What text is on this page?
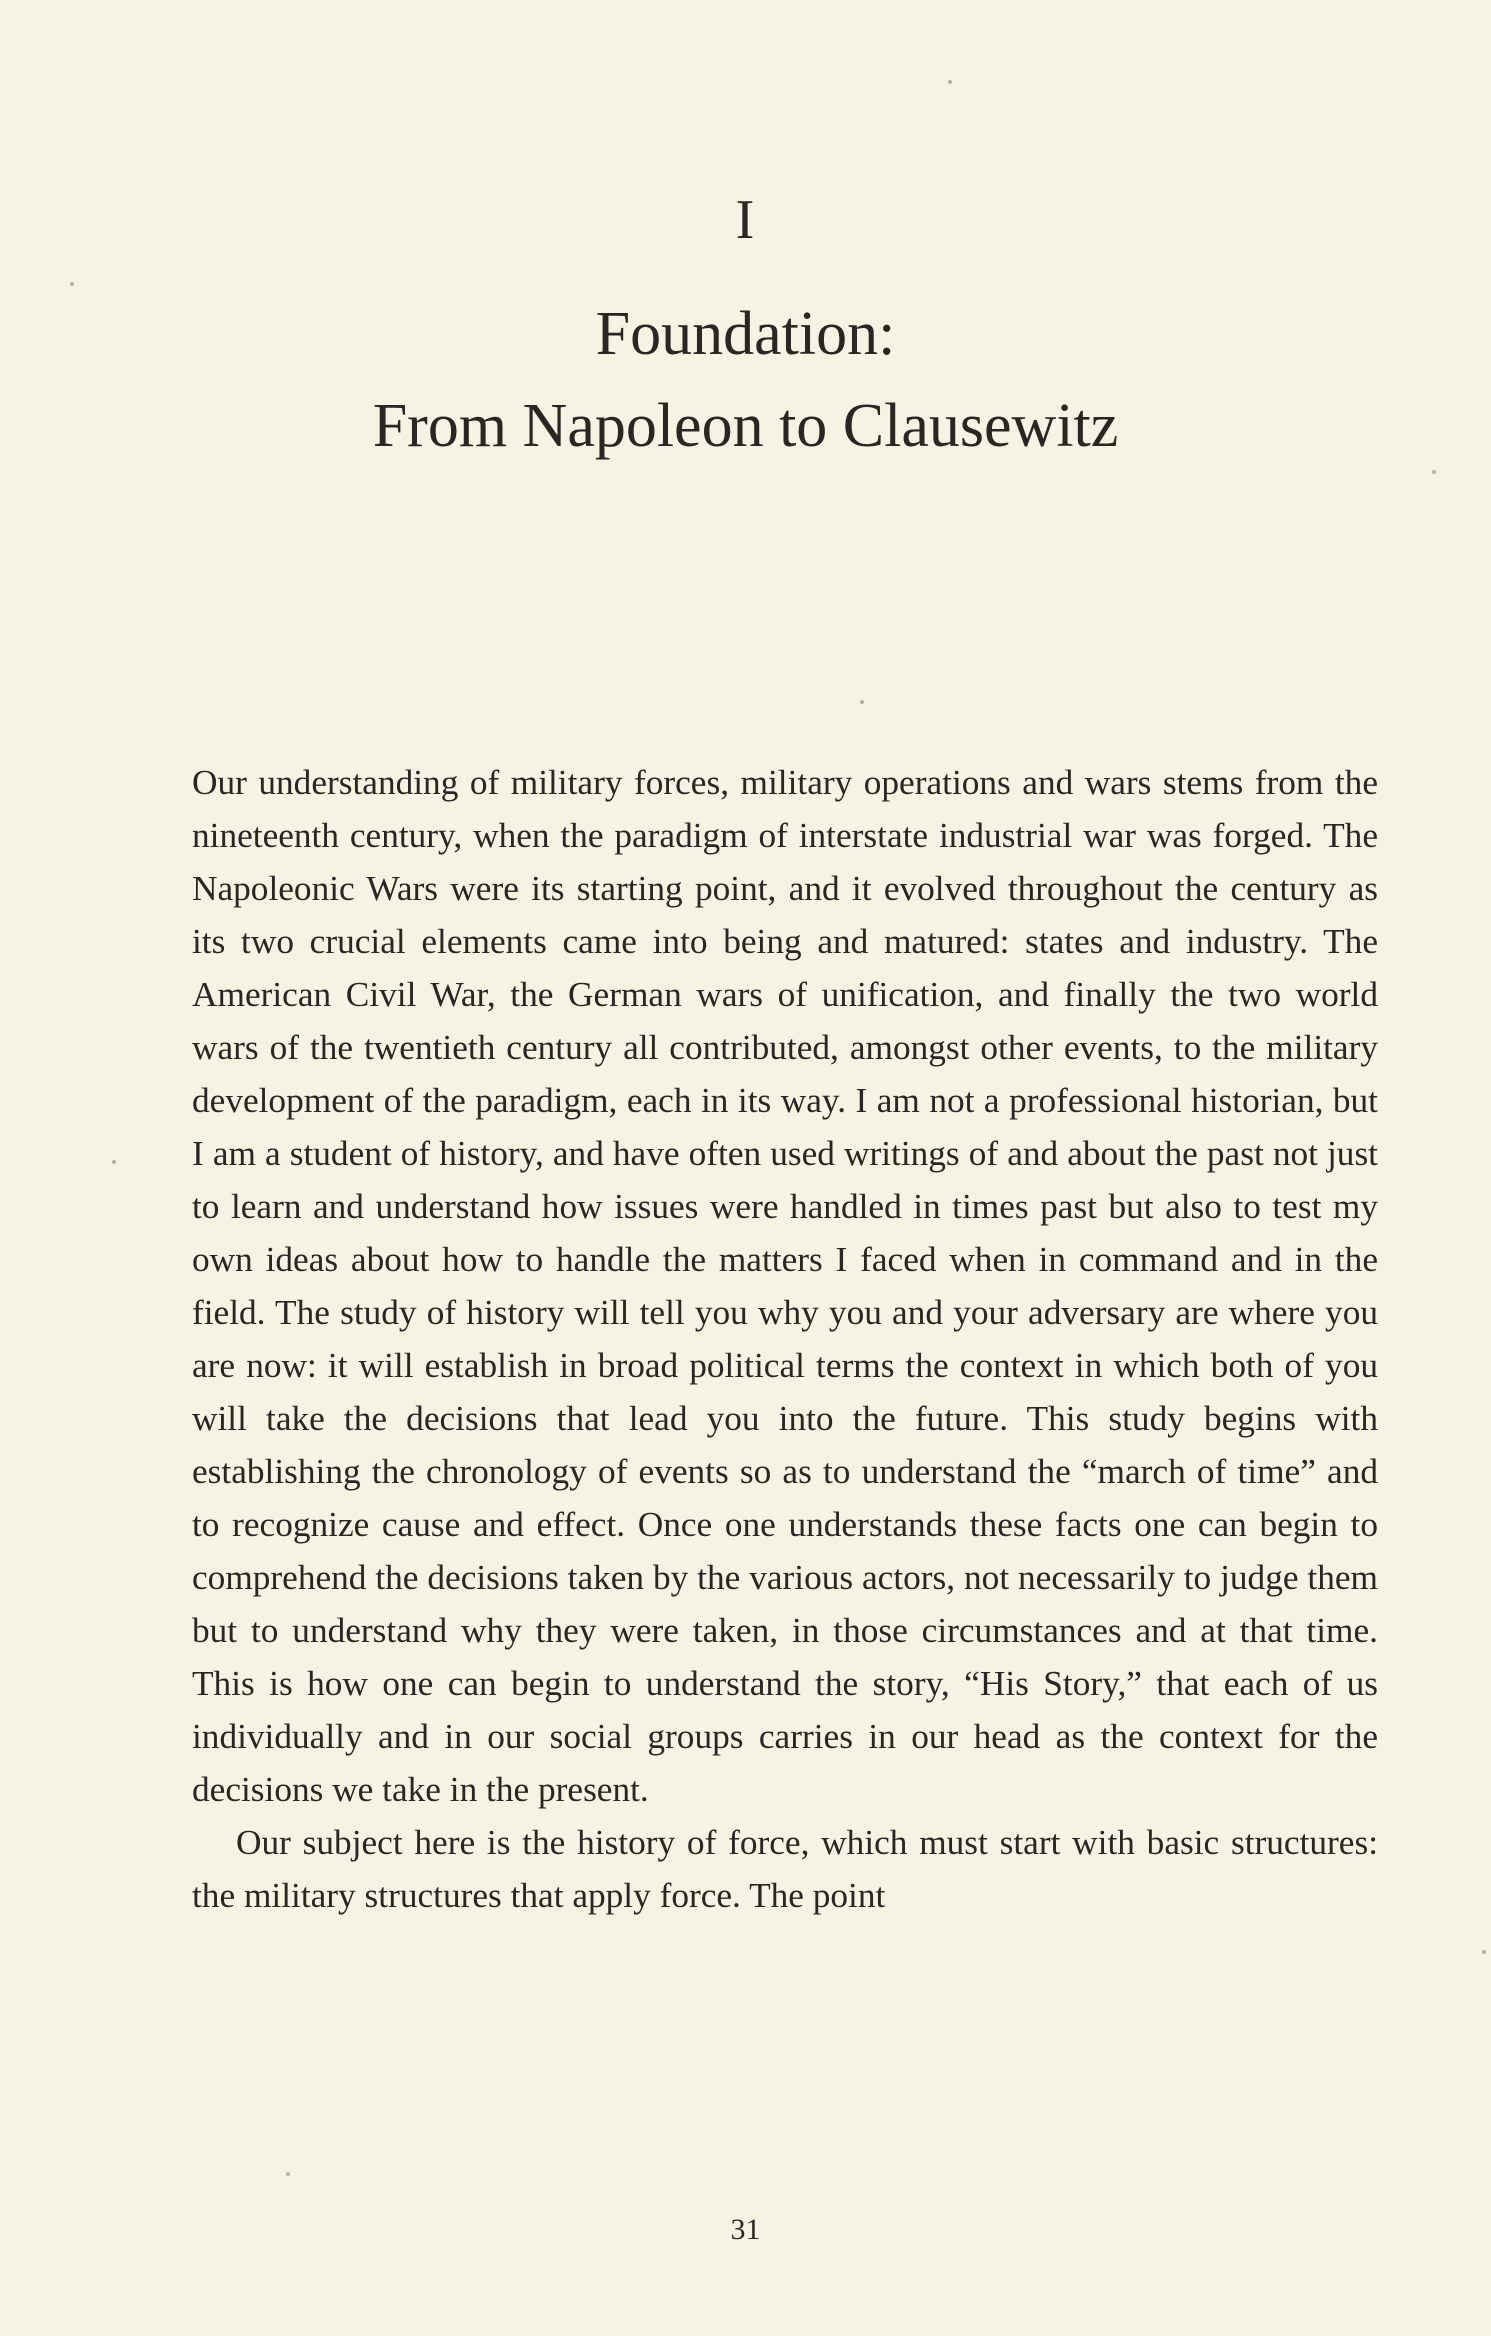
I
Foundation:
From Napoleon to Clausewitz

Our understanding of military forces, military operations and wars stems from the nineteenth century, when the paradigm of interstate industrial war was forged. The Napoleonic Wars were its starting point, and it evolved throughout the century as its two crucial elements came into being and matured: states and industry. The American Civil War, the German wars of unification, and finally the two world wars of the twentieth century all contributed, amongst other events, to the military development of the paradigm, each in its way. I am not a professional historian, but I am a student of history, and have often used writings of and about the past not just to learn and understand how issues were handled in times past but also to test my own ideas about how to handle the matters I faced when in command and in the field. The study of history will tell you why you and your adversary are where you are now: it will establish in broad political terms the context in which both of you will take the decisions that lead you into the future. This study begins with establishing the chronology of events so as to understand the “march of time” and to recognize cause and effect. Once one understands these facts one can begin to comprehend the decisions taken by the various actors, not necessarily to judge them but to understand why they were taken, in those circumstances and at that time. This is how one can begin to understand the story, “His Story,” that each of us individually and in our social groups carries in our head as the context for the decisions we take in the present.

Our subject here is the history of force, which must start with basic structures: the military structures that apply force. The point

31
